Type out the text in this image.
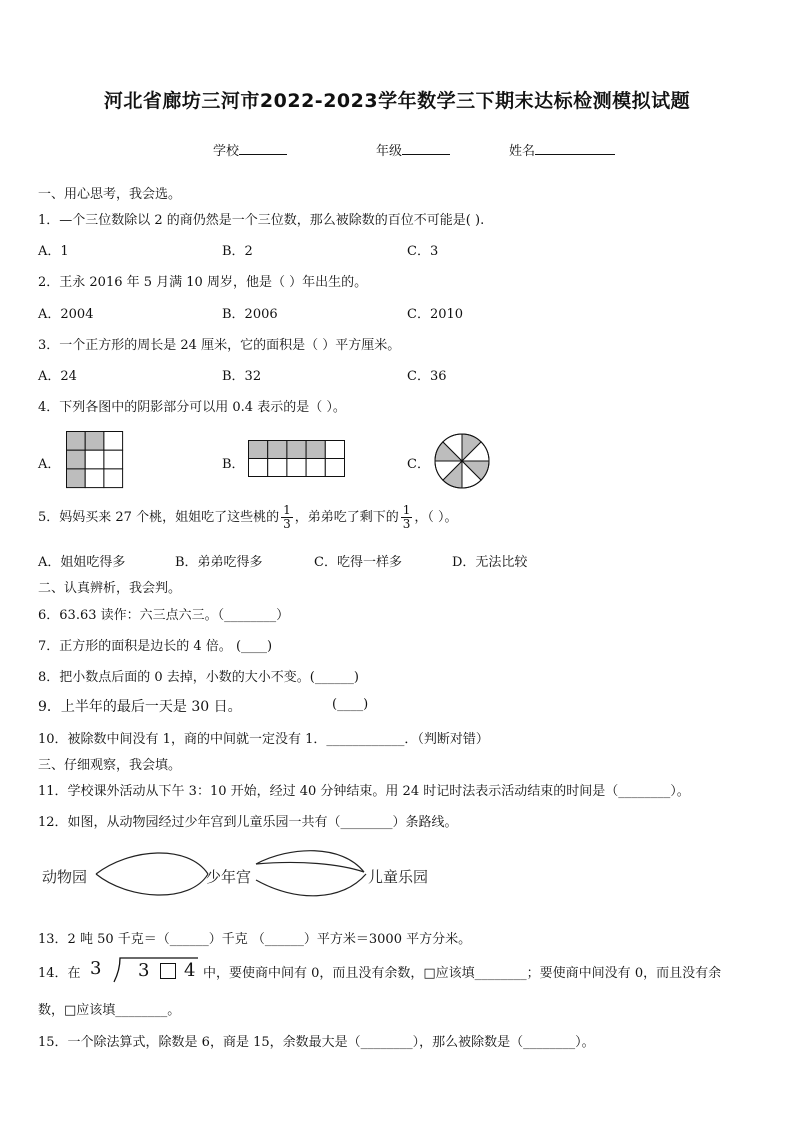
河北省廊坊三河市2022-2023学年数学三下期末达标检测模拟试题
学校	年级	姓名
一、用心思考，我会选。
1．—个三位数除以 2 的商仍然是一个三位数，那么被除数的百位不可能是( ).
A．1	B．2	C．3
2．王永 2016 年 5 月满 10 周岁，他是（ ）年出生的。
A．2004	B．2006	C．2010
3．一个正方形的周长是 24 厘米，它的面积是（ ）平方厘米。
A．24	B．32	C．36
4．下列各图中的阴影部分可以用 0.4 表示的是（ ）。
A．	B．	C．
5．妈妈买来 27 个桃，姐姐吃了这些桃的 $\frac{1}{3}$ ，弟弟吃了剩下的 $\frac{1}{3}$ ，（ ）。
A．姐姐吃得多	B．弟弟吃得多	C．吃得一样多	D．无法比较
二、认真辨析，我会判。
6．63.63 读作：六三点六三。（________）
7．正方形的面积是边长的 4 倍。 (____)
8．把小数点后面的 0 去掉，小数的大小不变。(______)
9．上半年的最后一天是 30 日。	(____)
10．被除数中间没有 1，商的中间就一定没有 1．____________．（判断对错）
三、仔细观察，我会填。
11．学校课外活动从下午 3：10 开始，经过 40 分钟结束。用 24 时记时法表示活动结束的时间是（________）。
12．如图，从动物园经过少年宫到儿童乐园一共有（________）条路线。
动物园	少年宫	儿童乐园
13．2 吨 50 千克＝（______）千克 （______）平方米＝3000 平方分米。
14．在 3 3 4 中，要使商中间有 0，而且没有余数，□应该填________；要使商中间没有 0，而且没有余
数，□应该填________。
15．一个除法算式，除数是 6，商是 15，余数最大是（________），那么被除数是（________）。
